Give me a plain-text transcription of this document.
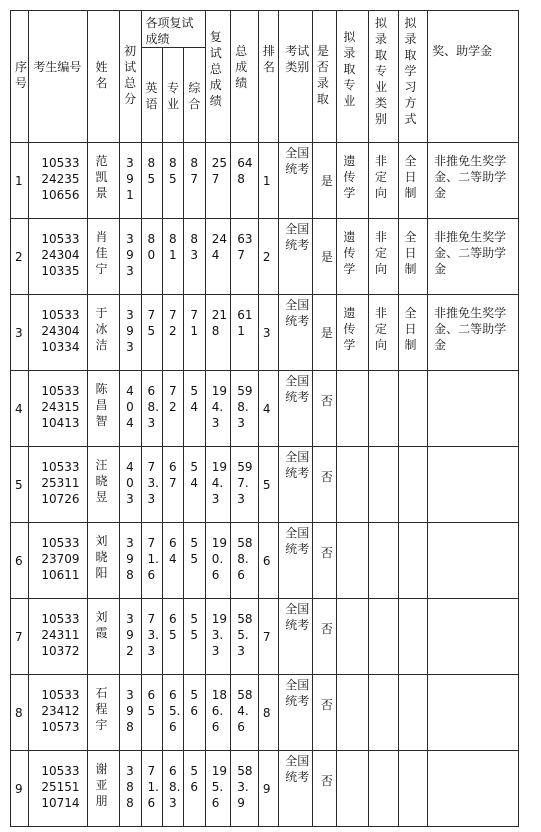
序号	考生编号	姓名	初试总分	各项复试成绩			复试总成绩	总成绩	排名	考试类别	是否录取	拟录取专业	拟录取专业类别	拟录取学习方式	奖、助学金

				英语	专业	综合									

1	105332423510656	范凯景	391	85	85	87	257	648	1	全国统考	是	遗传学	非定向	全日制	非推免生奖学金、二等助学金

2	105332430410335	肖佳宁	393	80	81	83	244	637	2	全国统考	是	遗传学	非定向	全日制	非推免生奖学金、二等助学金

3	105332430410334	于冰洁	393	75	72	71	218	611	3	全国统考	是	遗传学	非定向	全日制	非推免生奖学金、二等助学金

4	105332431510413	陈昌智	404	68.3	72	54	194.3	598.3	4	全国统考	否				

5	105332531110726	汪晓昱	403	73.3	67	54	194.3	597.3	5	全国统考	否				

6	105332370910611	刘晓阳	398	71.6	64	55	190.6	588.6	6	全国统考	否				

7	105332431110372	刘霞	392	73.3	65	55	193.3	585.3	7	全国统考	否				

8	105332341210573	石程宇	398	65	65.6	56	186.6	584.6	8	全国统考	否				

9	105332515110714	谢亚朋	388	71.6	68.3	56	195.6	583.9	9	全国统考	否				
